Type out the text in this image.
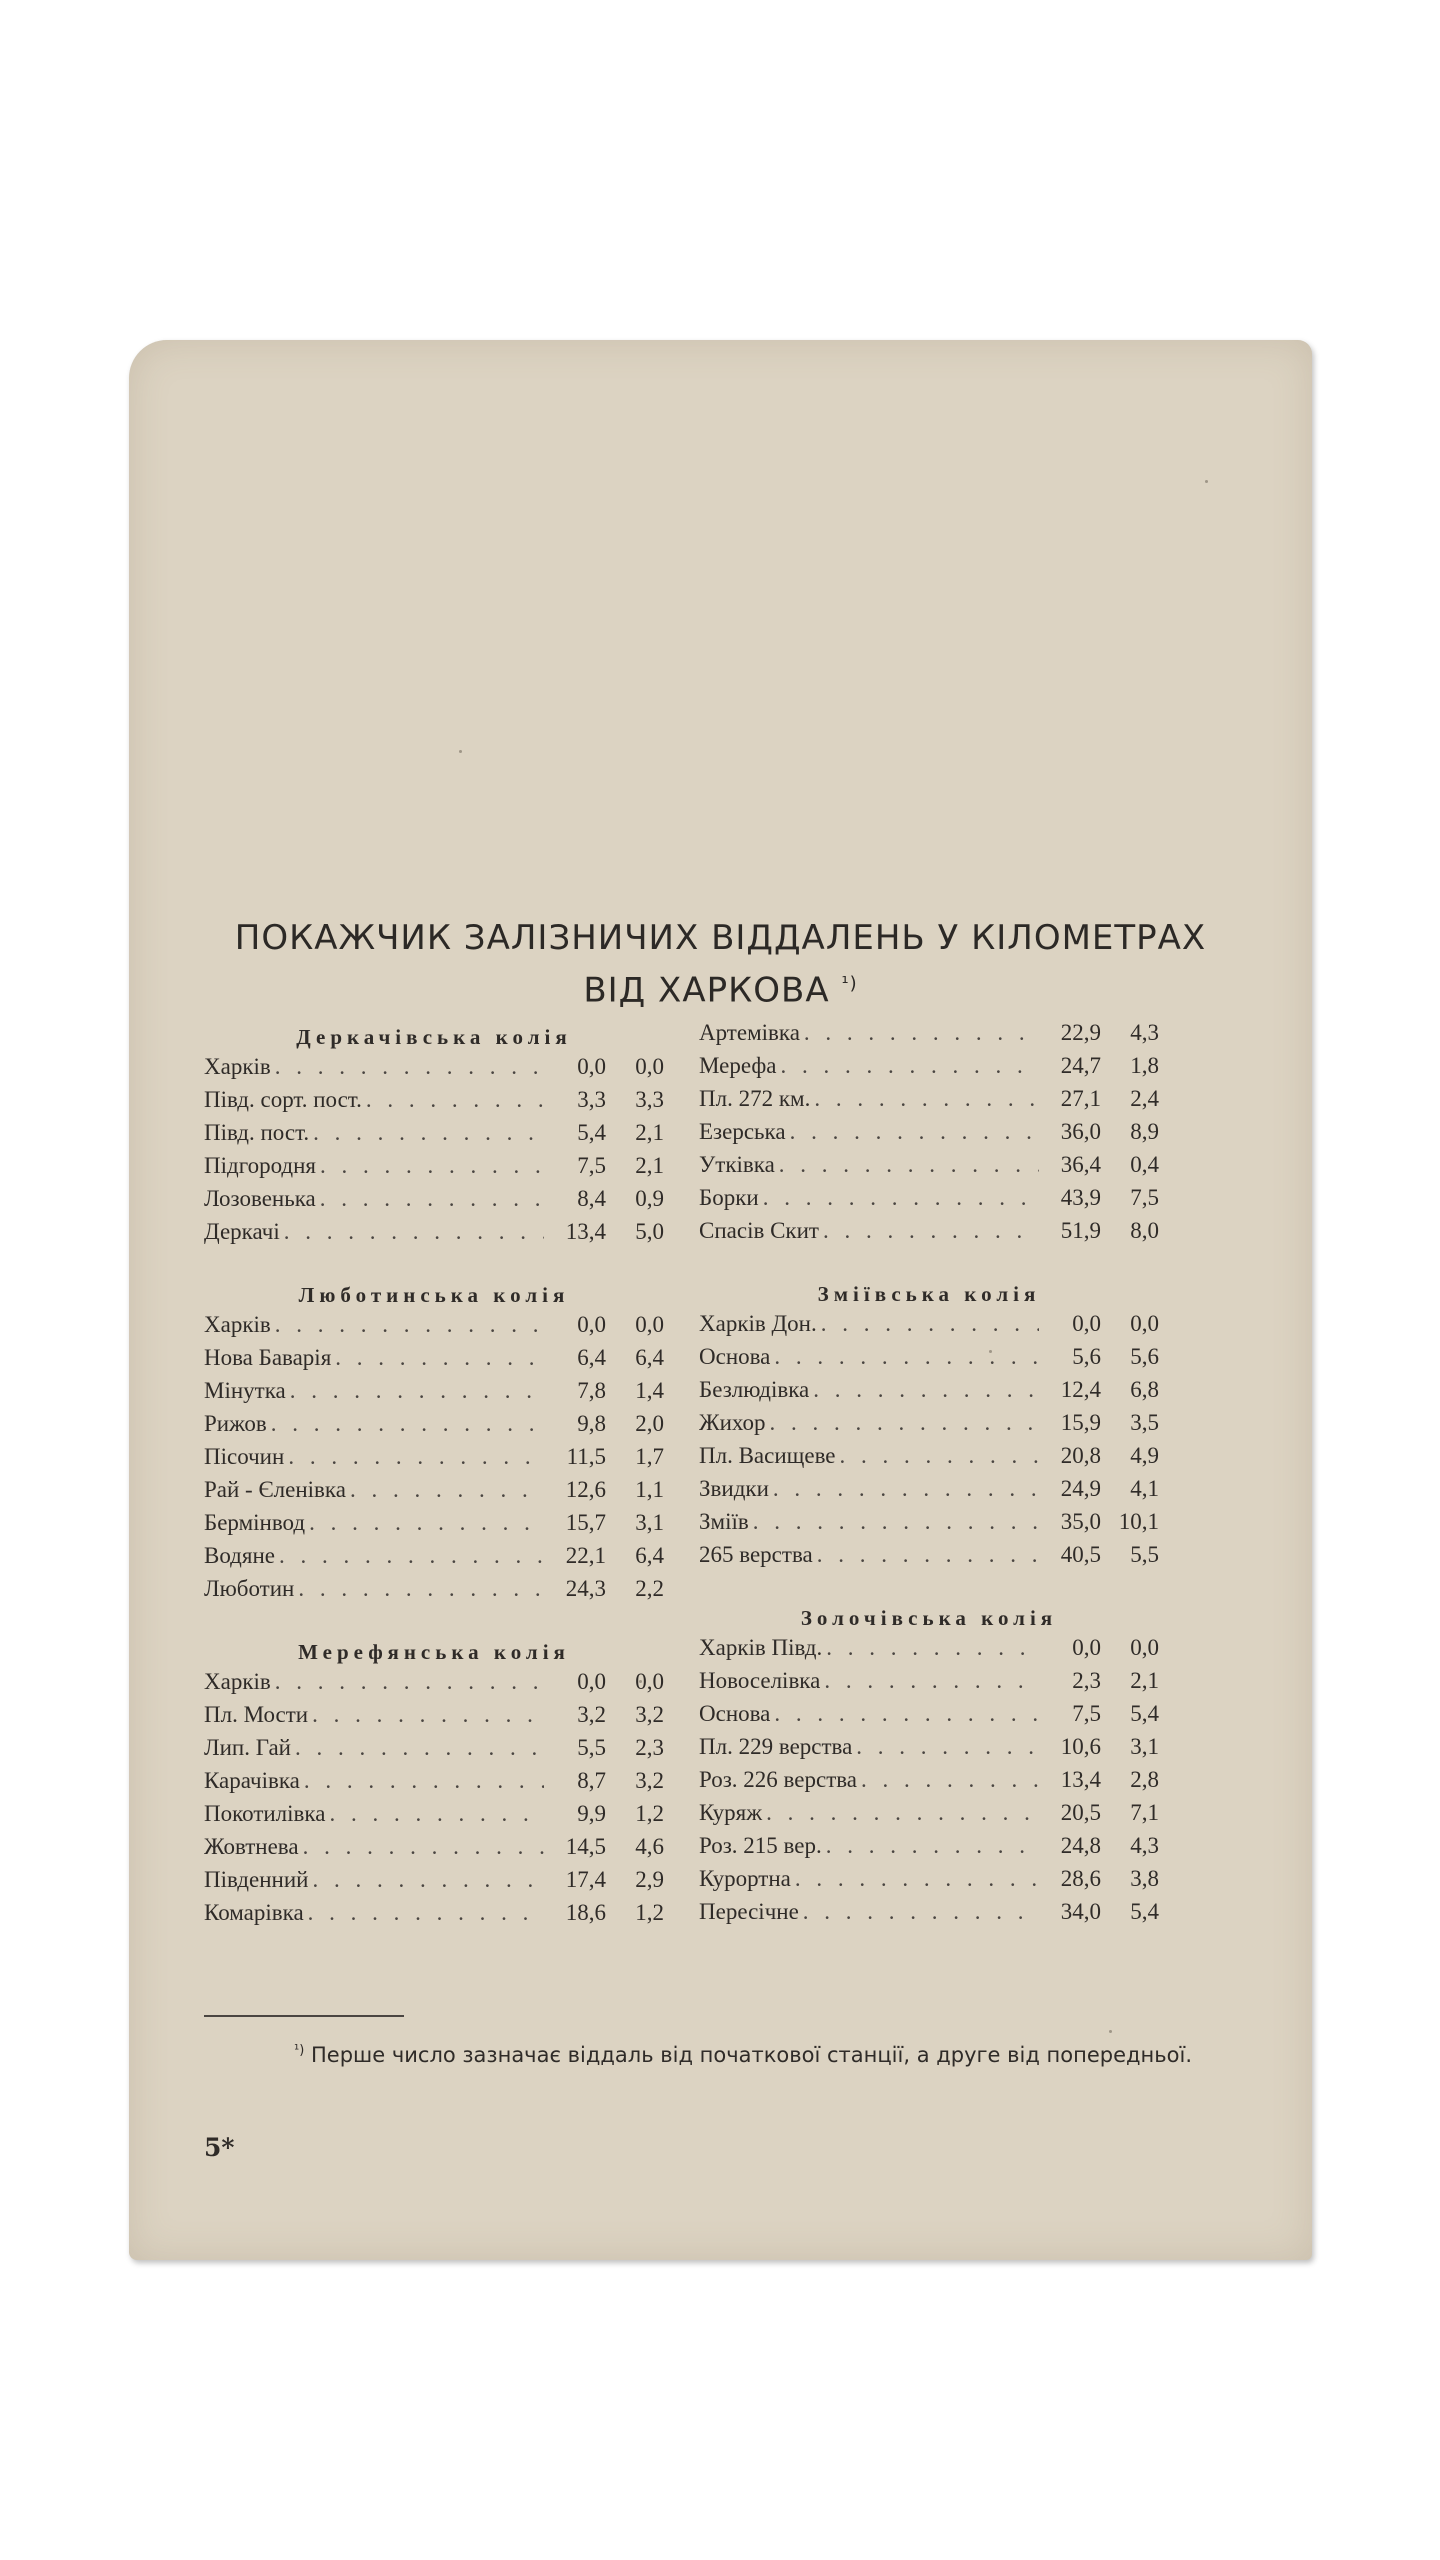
ПОКАЖЧИК ЗАЛІЗНИЧИХ ВІДДАЛЕНЬ У КІЛОМЕТРАХ
ВІД ХАРКОВА $^{^1)}$
Деркачівська колія
Харків . . .	0,0	0,0
Півд. сорт. пост. . . .	3,3	3,3
Півд. пост. . . .	5,4	2,1
Підгородня . . .	7,5	2,1
Лозовенька . . .	8,4	0,9
Деркачі . . .	13,4	5,0
Люботинська колія
Харків . . .	0,0	0,0
Нова Баварія . . .	6,4	6,4
Мінутка . . .	7,8	1,4
Рижов . . .	9,8	2,0
Пісочин . . .	11,5	1,7
Рай - Єленівка . . .	12,6	1,1
Бермінвод . . .	15,7	3,1
Водяне . . .	22,1	6,4
Люботин . . .	24,3	2,2
Мерефянська колія
Харків . . .	0,0	0,0
Пл. Мости . . .	3,2	3,2
Лип. Гай . . .	5,5	2,3
Карачівка . . .	8,7	3,2
Покотилівка . . .	9,9	1,2
Жовтнева . . .	14,5	4,6
Південний . . .	17,4	2,9
Комарівка . . .	18,6	1,2
Артемівка . . .	22,9	4,3
Мерефа . . .	24,7	1,8
Пл. 272 км. . . .	27,1	2,4
Езерська . . .	36,0	8,9
Утківка . . .	36,4	0,4
Борки . . .	43,9	7,5
Спасів Скит . . .	51,9	8,0
Зміївська колія
Харків Дон. . . .	0,0	0,0
Основа . . .	5,6	5,6
Безлюдівка . . .	12,4	6,8
Жихор . . .	15,9	3,5
Пл. Васищеве . . .	20,8	4,9
Звидки . . .	24,9	4,1
Зміїв . . .	35,0 10,1
265 верства . . .	40,5	5,5
Золочівська колія
Харків Півд. . . .	0,0	0,0
Новоселівка . . .	2,3	2,1
Основа . . .	7,5	5,4
Пл. 229 верства . . .	10,6	3,1
Роз. 226 верства . . .	13,4	2,8
Куряж . . .	20,5	7,1
Роз. 215 вер. . . .	24,8	4,3
Курортна . . .	28,6	3,8
Пересічне . . .	34,0	5,4
$^{^1)}$ Перше число зазначає віддаль від початкової станції, а друге від попередньої.
5*
